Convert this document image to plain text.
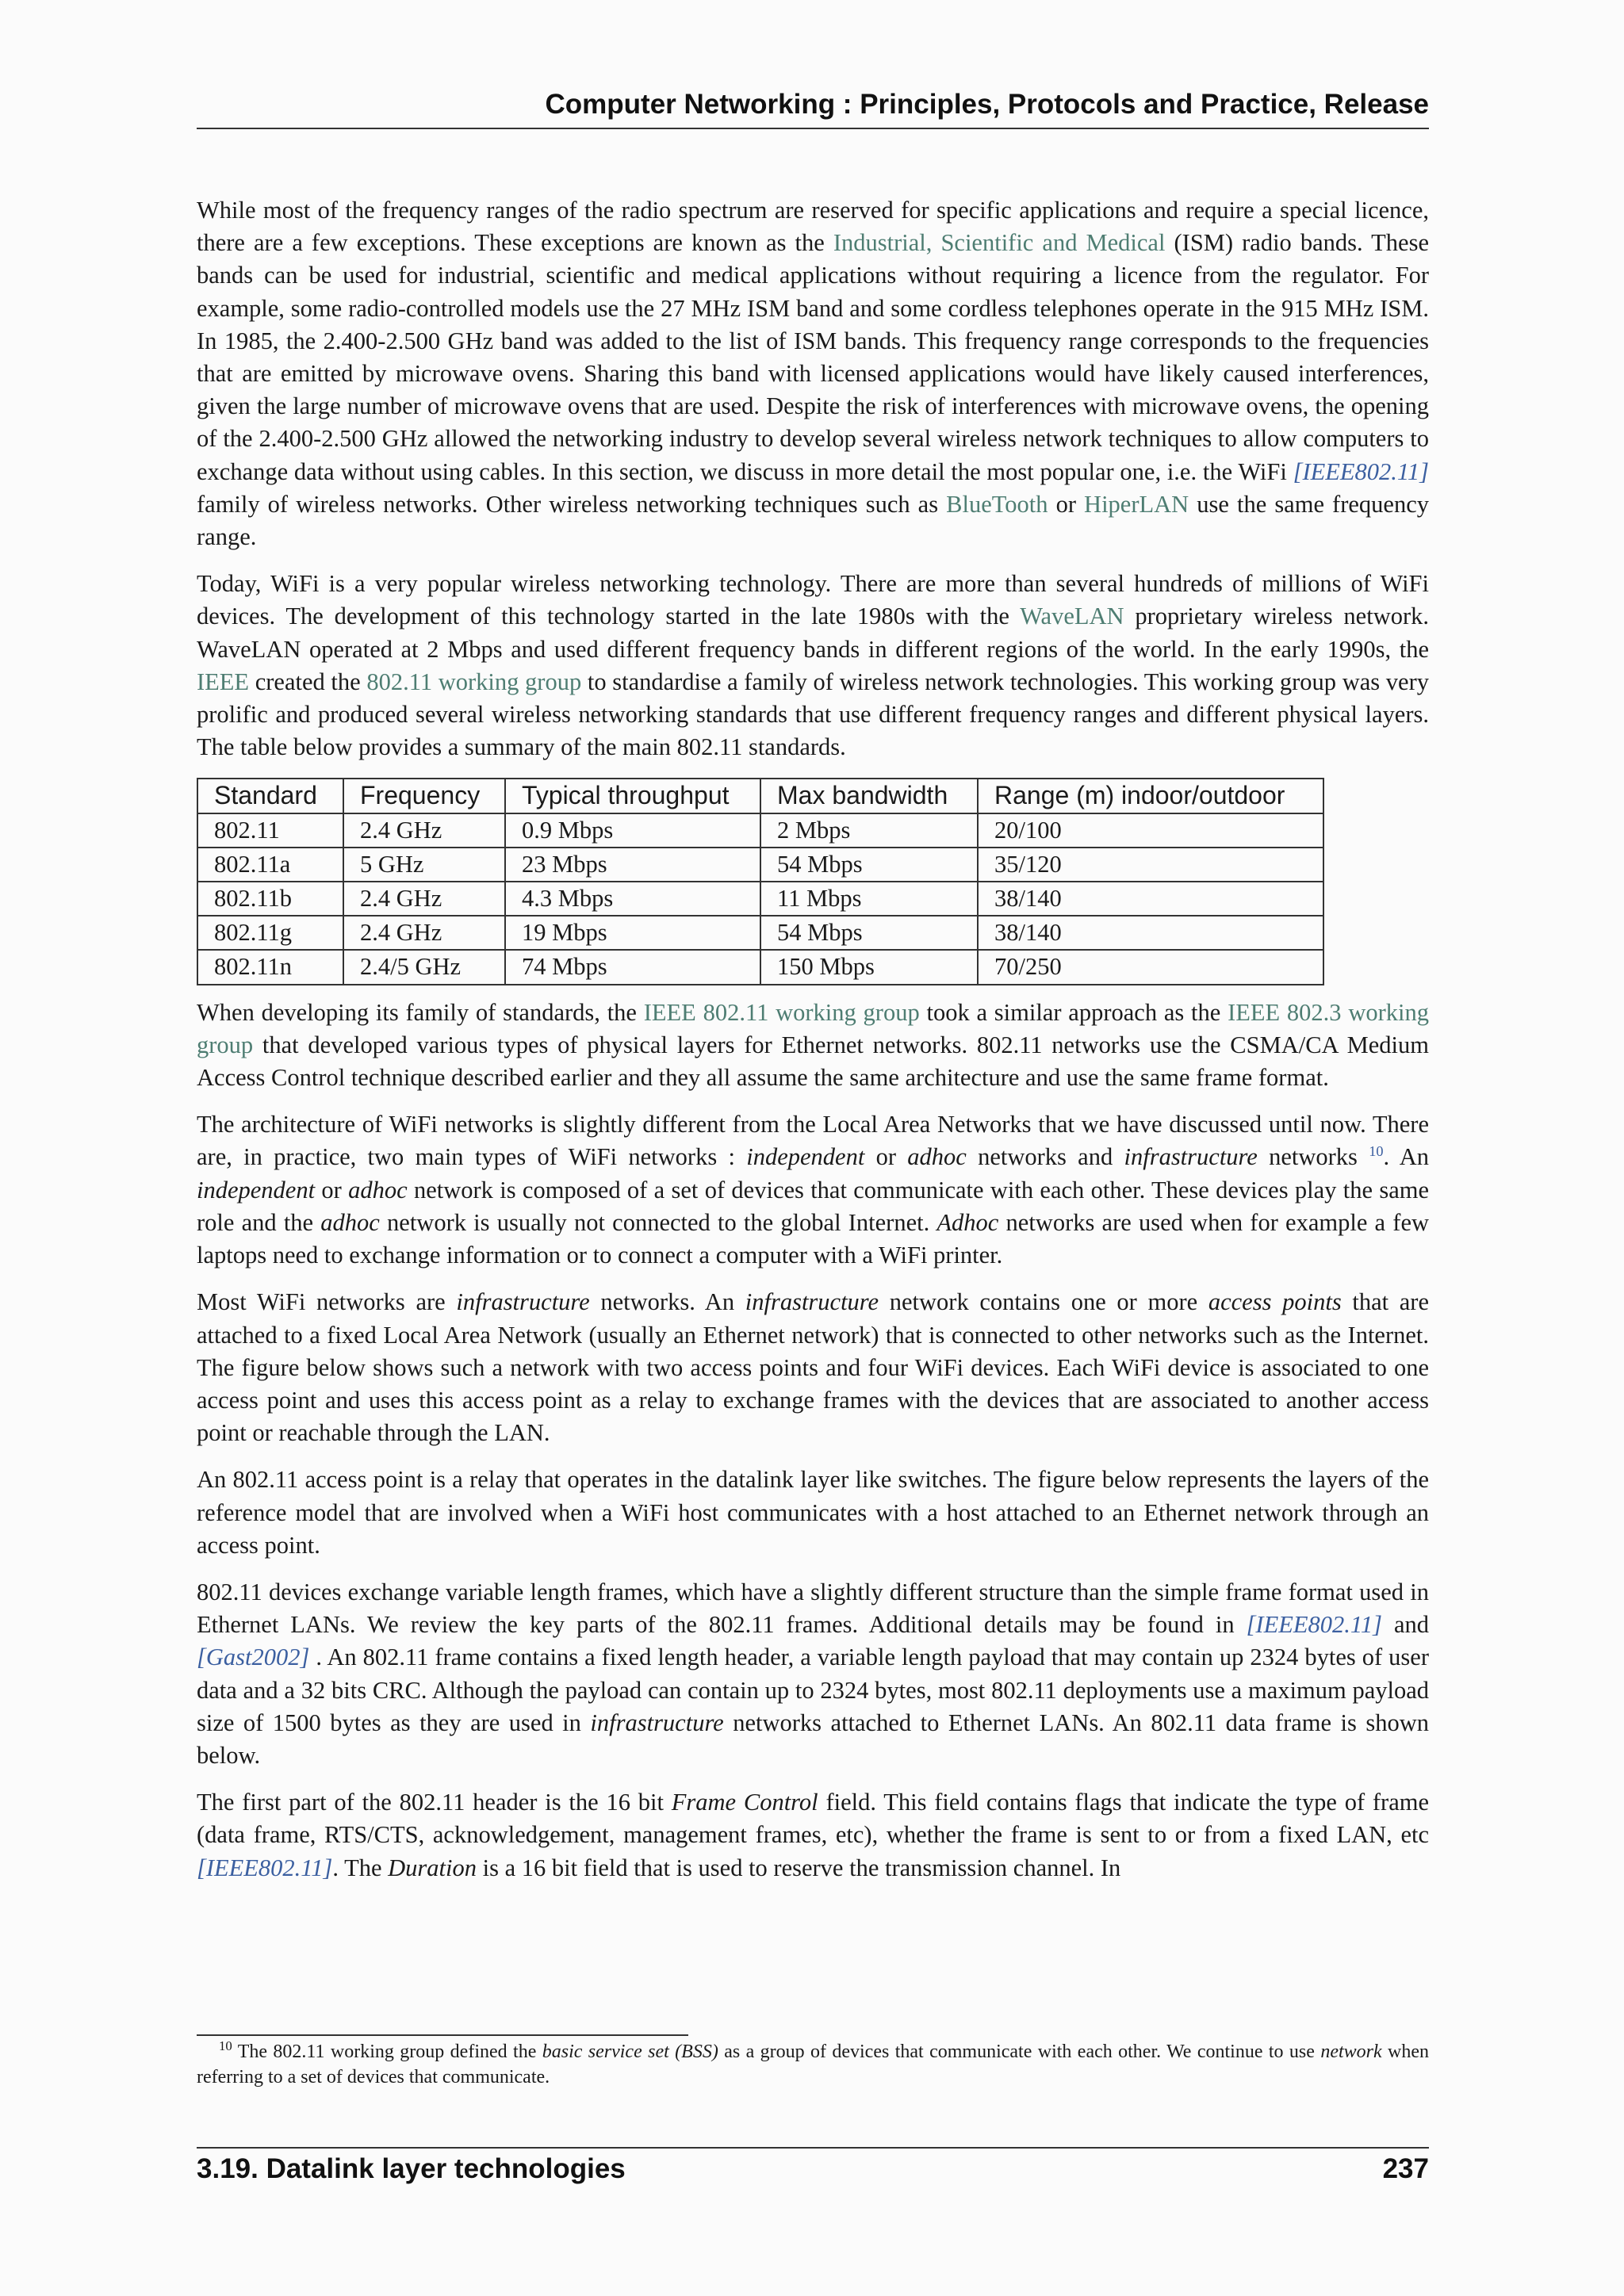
Computer Networking : Principles, Protocols and Practice, Release

While most of the frequency ranges of the radio spectrum are reserved for specific applications and require a special licence, there are a few exceptions. These exceptions are known as the Industrial, Scientific and Medical (ISM) radio bands. These bands can be used for industrial, scientific and medical applications without requiring a licence from the regulator. For example, some radio-controlled models use the 27 MHz ISM band and some cordless telephones operate in the 915 MHz ISM. In 1985, the 2.400-2.500 GHz band was added to the list of ISM bands. This frequency range corresponds to the frequencies that are emitted by microwave ovens. Sharing this band with licensed applications would have likely caused interferences, given the large number of microwave ovens that are used. Despite the risk of interferences with microwave ovens, the opening of the 2.400-2.500 GHz allowed the networking industry to develop several wireless network techniques to allow computers to exchange data without using cables. In this section, we discuss in more detail the most popular one, i.e. the WiFi [IEEE802.11] family of wireless networks. Other wireless networking techniques such as BlueTooth or HiperLAN use the same frequency range.

Today, WiFi is a very popular wireless networking technology. There are more than several hundreds of millions of WiFi devices. The development of this technology started in the late 1980s with the WaveLAN proprietary wireless network. WaveLAN operated at 2 Mbps and used different frequency bands in different regions of the world. In the early 1990s, the IEEE created the 802.11 working group to standardise a family of wireless network technologies. This working group was very prolific and produced several wireless networking standards that use different frequency ranges and different physical layers. The table below provides a summary of the main 802.11 standards.

Standard	Frequency	Typical throughput	Max bandwidth	Range (m) indoor/outdoor
802.11	2.4 GHz	0.9 Mbps	2 Mbps	20/100
802.11a	5 GHz	23 Mbps	54 Mbps	35/120
802.11b	2.4 GHz	4.3 Mbps	11 Mbps	38/140
802.11g	2.4 GHz	19 Mbps	54 Mbps	38/140
802.11n	2.4/5 GHz	74 Mbps	150 Mbps	70/250

When developing its family of standards, the IEEE 802.11 working group took a similar approach as the IEEE 802.3 working group that developed various types of physical layers for Ethernet networks. 802.11 networks use the CSMA/CA Medium Access Control technique described earlier and they all assume the same architecture and use the same frame format.

The architecture of WiFi networks is slightly different from the Local Area Networks that we have discussed until now. There are, in practice, two main types of WiFi networks : independent or adhoc networks and infrastructure networks $^{10}$. An independent or adhoc network is composed of a set of devices that communicate with each other. These devices play the same role and the adhoc network is usually not connected to the global Internet. Adhoc networks are used when for example a few laptops need to exchange information or to connect a computer with a WiFi printer.

Most WiFi networks are infrastructure networks. An infrastructure network contains one or more access points that are attached to a fixed Local Area Network (usually an Ethernet network) that is connected to other networks such as the Internet. The figure below shows such a network with two access points and four WiFi devices. Each WiFi device is associated to one access point and uses this access point as a relay to exchange frames with the devices that are associated to another access point or reachable through the LAN.

An 802.11 access point is a relay that operates in the datalink layer like switches. The figure below represents the layers of the reference model that are involved when a WiFi host communicates with a host attached to an Ethernet network through an access point.

802.11 devices exchange variable length frames, which have a slightly different structure than the simple frame format used in Ethernet LANs. We review the key parts of the 802.11 frames. Additional details may be found in [IEEE802.11] and [Gast2002] . An 802.11 frame contains a fixed length header, a variable length payload that may contain up 2324 bytes of user data and a 32 bits CRC. Although the payload can contain up to 2324 bytes, most 802.11 deployments use a maximum payload size of 1500 bytes as they are used in infrastructure networks attached to Ethernet LANs. An 802.11 data frame is shown below.

The first part of the 802.11 header is the 16 bit Frame Control field. This field contains flags that indicate the type of frame (data frame, RTS/CTS, acknowledgement, management frames, etc), whether the frame is sent to or from a fixed LAN, etc [IEEE802.11]. The Duration is a 16 bit field that is used to reserve the transmission channel. In

$^{10}$ The 802.11 working group defined the basic service set (BSS) as a group of devices that communicate with each other. We continue to use network when referring to a set of devices that communicate.
3.19. Datalink layer technologies	237
